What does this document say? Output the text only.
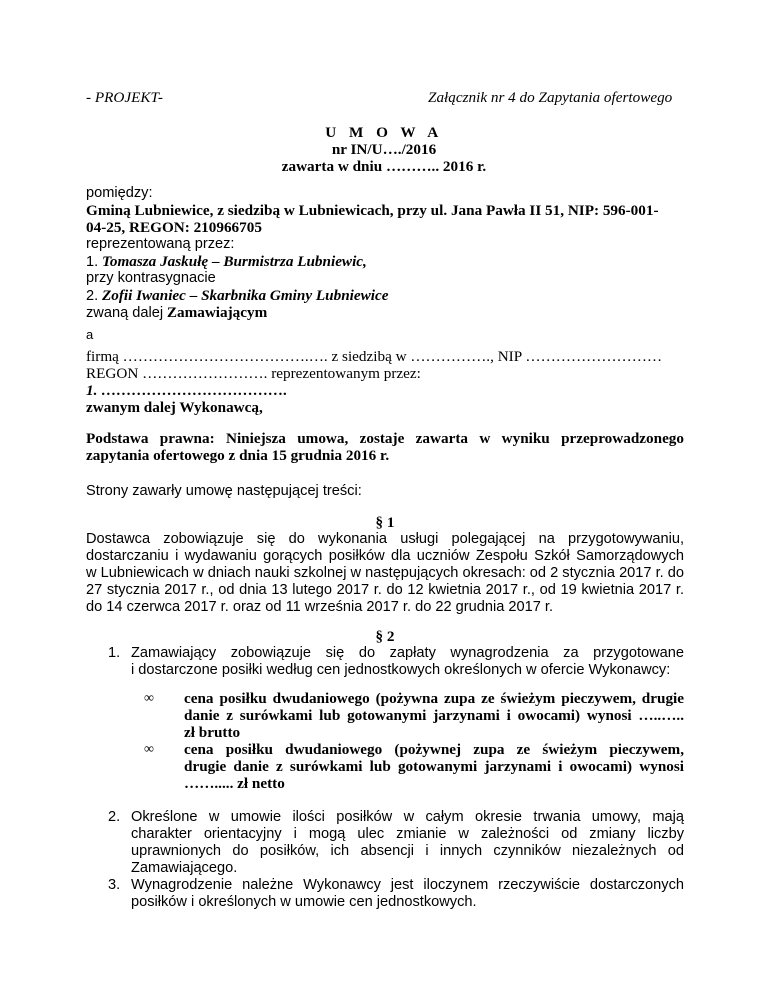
- PROJEKT-	Załącznik nr 4 do Zapytania ofertowego
U M O W A
nr IN/U…./2016
zawarta w dniu ……….. 2016 r.
pomiędzy:
Gminą Lubniewice, z siedzibą w Lubniewicach, przy ul. Jana Pawła II 51, NIP: 596-001-
04-25, REGON: 210966705
reprezentowaną przez:
1. Tomasza Jaskułę – Burmistrza Lubniewic,
przy kontrasygnacie
2. Zofii Iwaniec – Skarbnika Gminy Lubniewice
zwaną dalej Zamawiającym
a
firmą ……………………………….…. z siedzibą w ……………., NIP ………………………
REGON ……………………. reprezentowanym przez:
1. ……………………………….
zwanym dalej Wykonawcą,
Podstawa prawna: Niniejsza umowa, zostaje zawarta w wyniku przeprowadzonego
zapytania ofertowego z dnia 15 grudnia 2016 r.
Strony zawarły umowę następującej treści:
§ 1
Dostawca zobowiązuje się do wykonania usługi polegającej na przygotowywaniu,
dostarczaniu i wydawaniu gorących posiłków dla uczniów Zespołu Szkół Samorządowych
w Lubniewicach w dniach nauki szkolnej w następujących okresach: od 2 stycznia 2017 r. do
27 stycznia 2017 r., od dnia 13 lutego 2017 r. do 12 kwietnia 2017 r., od 19 kwietnia 2017 r.
do 14 czerwca 2017 r. oraz od 11 września 2017 r. do 22 grudnia 2017 r.
§ 2
1. Zamawiający zobowiązuje się do zapłaty wynagrodzenia za przygotowane
i dostarczone posiłki według cen jednostkowych określonych w ofercie Wykonawcy:
∞ cena posiłku dwudaniowego (pożywna zupa ze świeżym pieczywem, drugie
danie z surówkami lub gotowanymi jarzynami i owocami) wynosi …..…..
zł brutto
∞ cena posiłku dwudaniowego (pożywnej zupa ze świeżym pieczywem,
drugie danie z surówkami lub gotowanymi jarzynami i owocami) wynosi
……..... zł netto
2. Określone w umowie ilości posiłków w całym okresie trwania umowy, mają
charakter orientacyjny i mogą ulec zmianie w zależności od zmiany liczby
uprawnionych do posiłków, ich absencji i innych czynników niezależnych od
Zamawiającego.
3. Wynagrodzenie należne Wykonawcy jest iloczynem rzeczywiście dostarczonych
posiłków i określonych w umowie cen jednostkowych.
